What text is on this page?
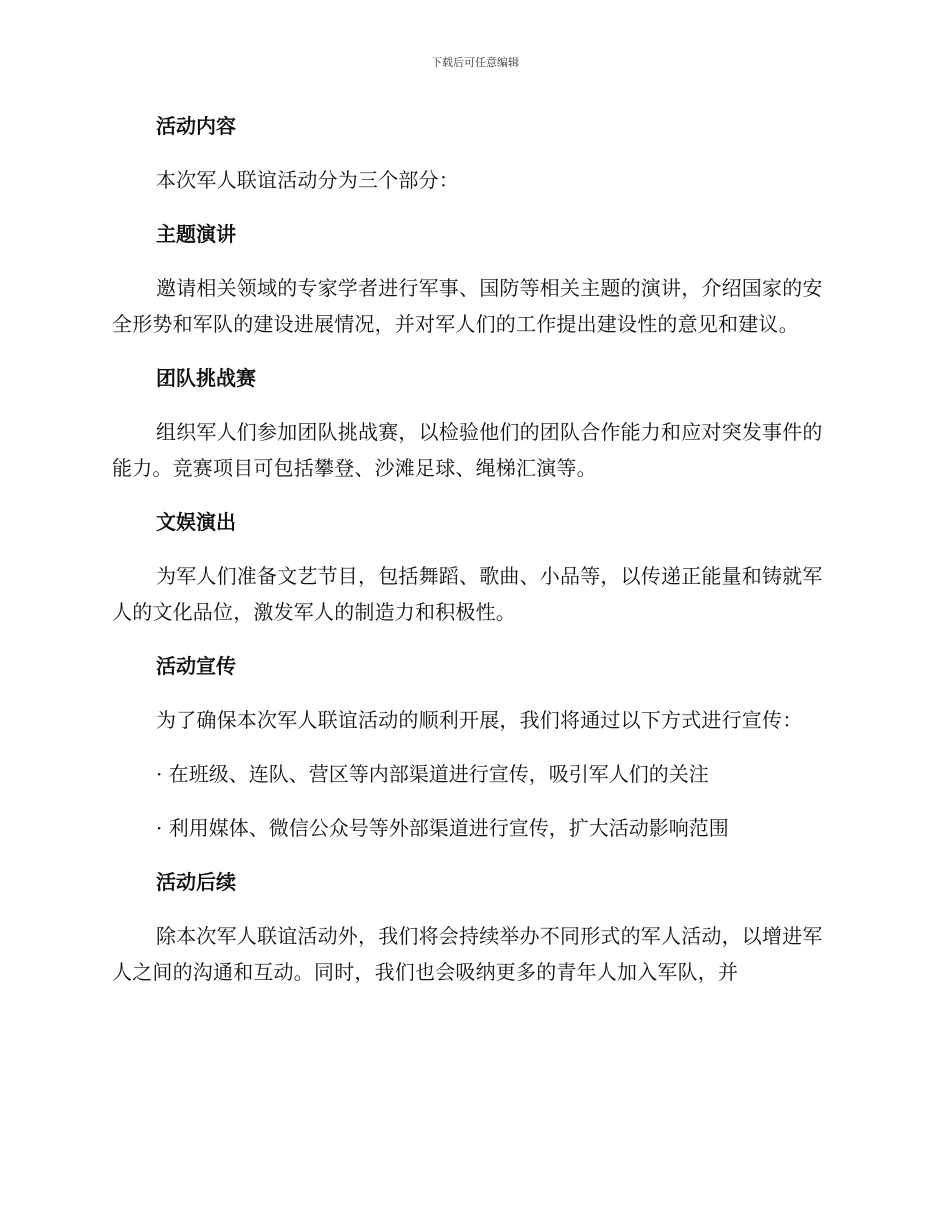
下载后可任意编辑
活动内容

本次军人联谊活动分为三个部分：

主题演讲

邀请相关领域的专家学者进行军事、国防等相关主题的演讲，介绍国家的安全形势和军队的建设进展情况，并对军人们的工作提出建设性的意见和建议。

团队挑战赛

组织军人们参加团队挑战赛，以检验他们的团队合作能力和应对突发事件的能力。竞赛项目可包括攀登、沙滩足球、绳梯汇演等。

文娱演出

为军人们准备文艺节目，包括舞蹈、歌曲、小品等，以传递正能量和铸就军人的文化品位，激发军人的制造力和积极性。

活动宣传

为了确保本次军人联谊活动的顺利开展，我们将通过以下方式进行宣传：

· 在班级、连队、营区等内部渠道进行宣传，吸引军人们的关注

· 利用媒体、微信公众号等外部渠道进行宣传，扩大活动影响范围

活动后续

除本次军人联谊活动外，我们将会持续举办不同形式的军人活动，以增进军人之间的沟通和互动。同时，我们也会吸纳更多的青年人加入军队，并
